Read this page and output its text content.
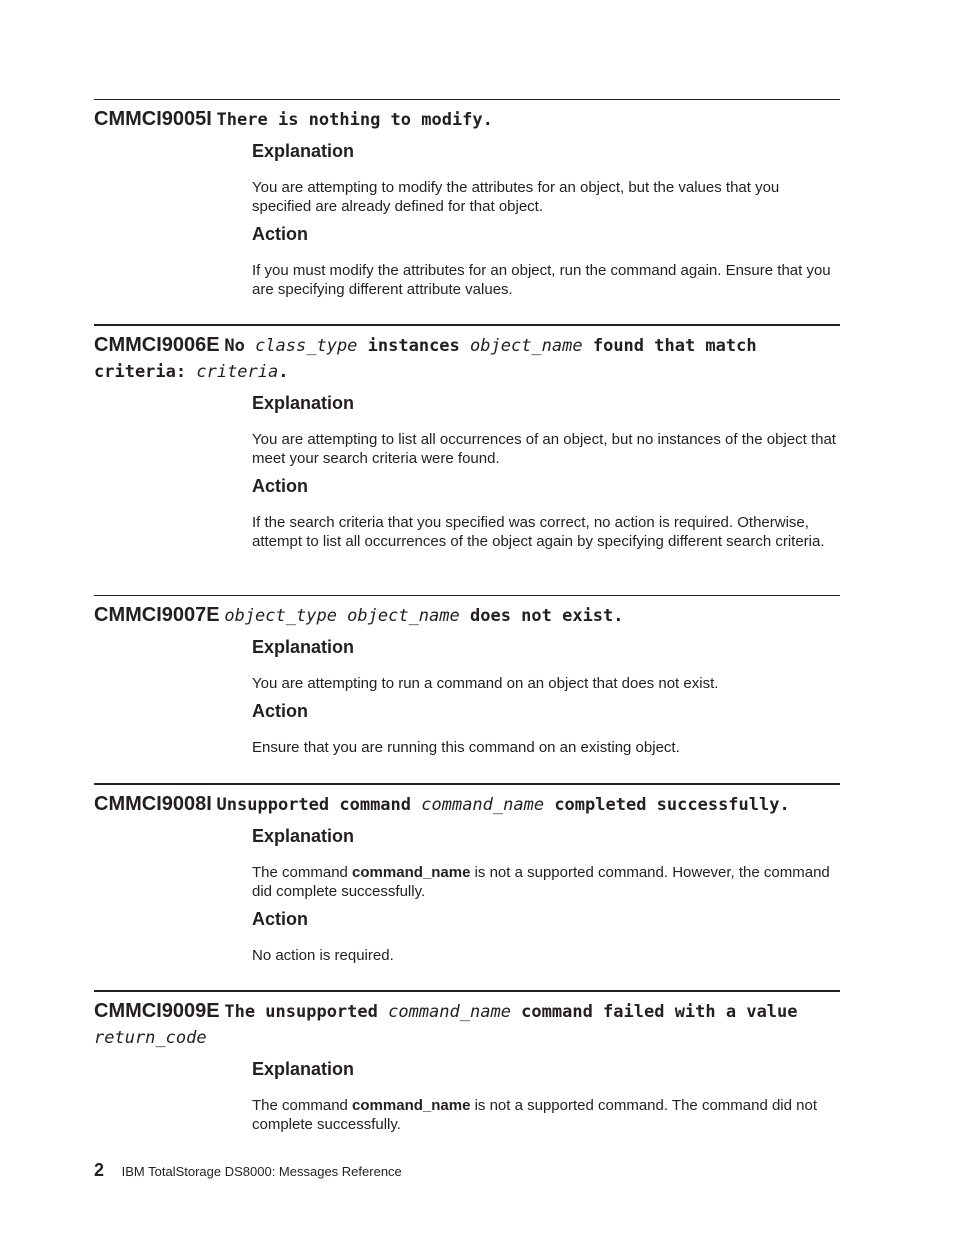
CMMCI9005I There is nothing to modify.
Explanation

You are attempting to modify the attributes for an object, but the values that you specified are already defined for that object.

Action

If you must modify the attributes for an object, run the command again. Ensure that you are specifying different attribute values.

CMMCI9006E No class_type instances object_name found that match criteria: criteria.
Explanation

You are attempting to list all occurrences of an object, but no instances of the object that meet your search criteria were found.

Action

If the search criteria that you specified was correct, no action is required. Otherwise, attempt to list all occurrences of the object again by specifying different search criteria.

CMMCI9007E object_type object_name does not exist.
Explanation

You are attempting to run a command on an object that does not exist.

Action

Ensure that you are running this command on an existing object.

CMMCI9008I Unsupported command command_name completed successfully.
Explanation

The command command_name is not a supported command. However, the command did complete successfully.

Action

No action is required.

CMMCI9009E The unsupported command_name command failed with a value return_code
Explanation

The command command_name is not a supported command. The command did not complete successfully.

2 IBM TotalStorage DS8000: Messages Reference
